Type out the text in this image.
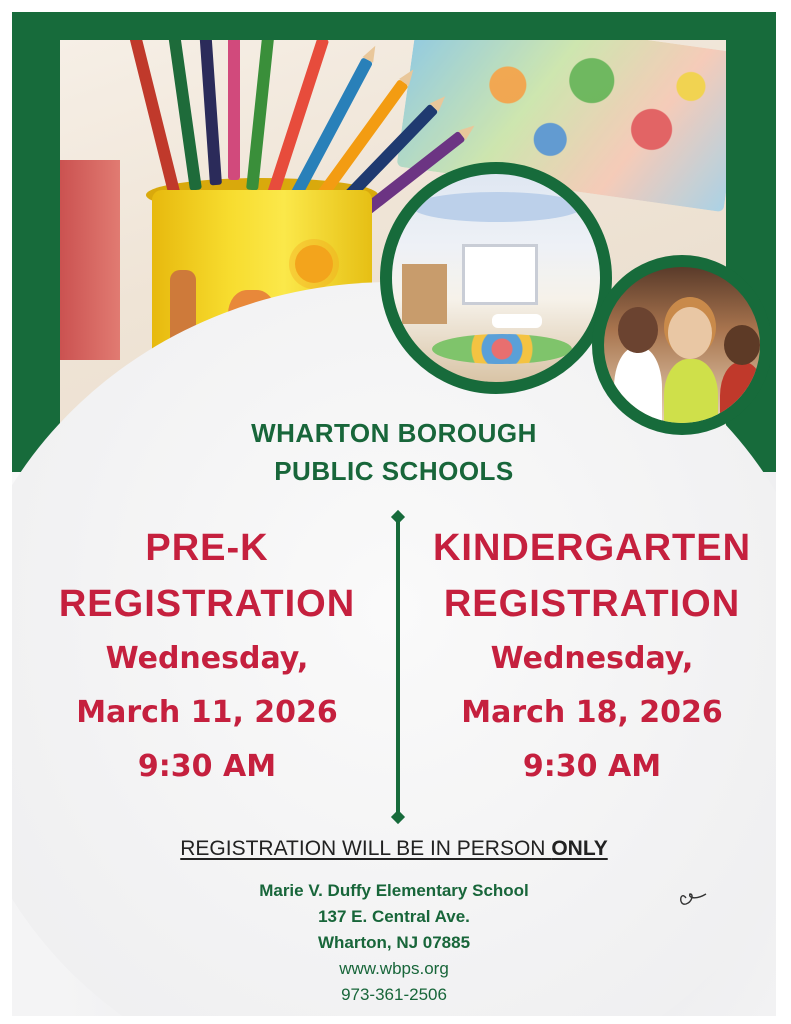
WHARTON BOROUGH
PUBLIC SCHOOLS
PRE-K
REGISTRATION
Wednesday,
March 11, 2026
9:30 AM
KINDERGARTEN
REGISTRATION
Wednesday,
March 18, 2026
9:30 AM
REGISTRATION WILL BE IN PERSON ONLY
Marie V. Duffy Elementary School
137 E. Central Ave.
Wharton, NJ 07885
www.wbps.org
973-361-2506
